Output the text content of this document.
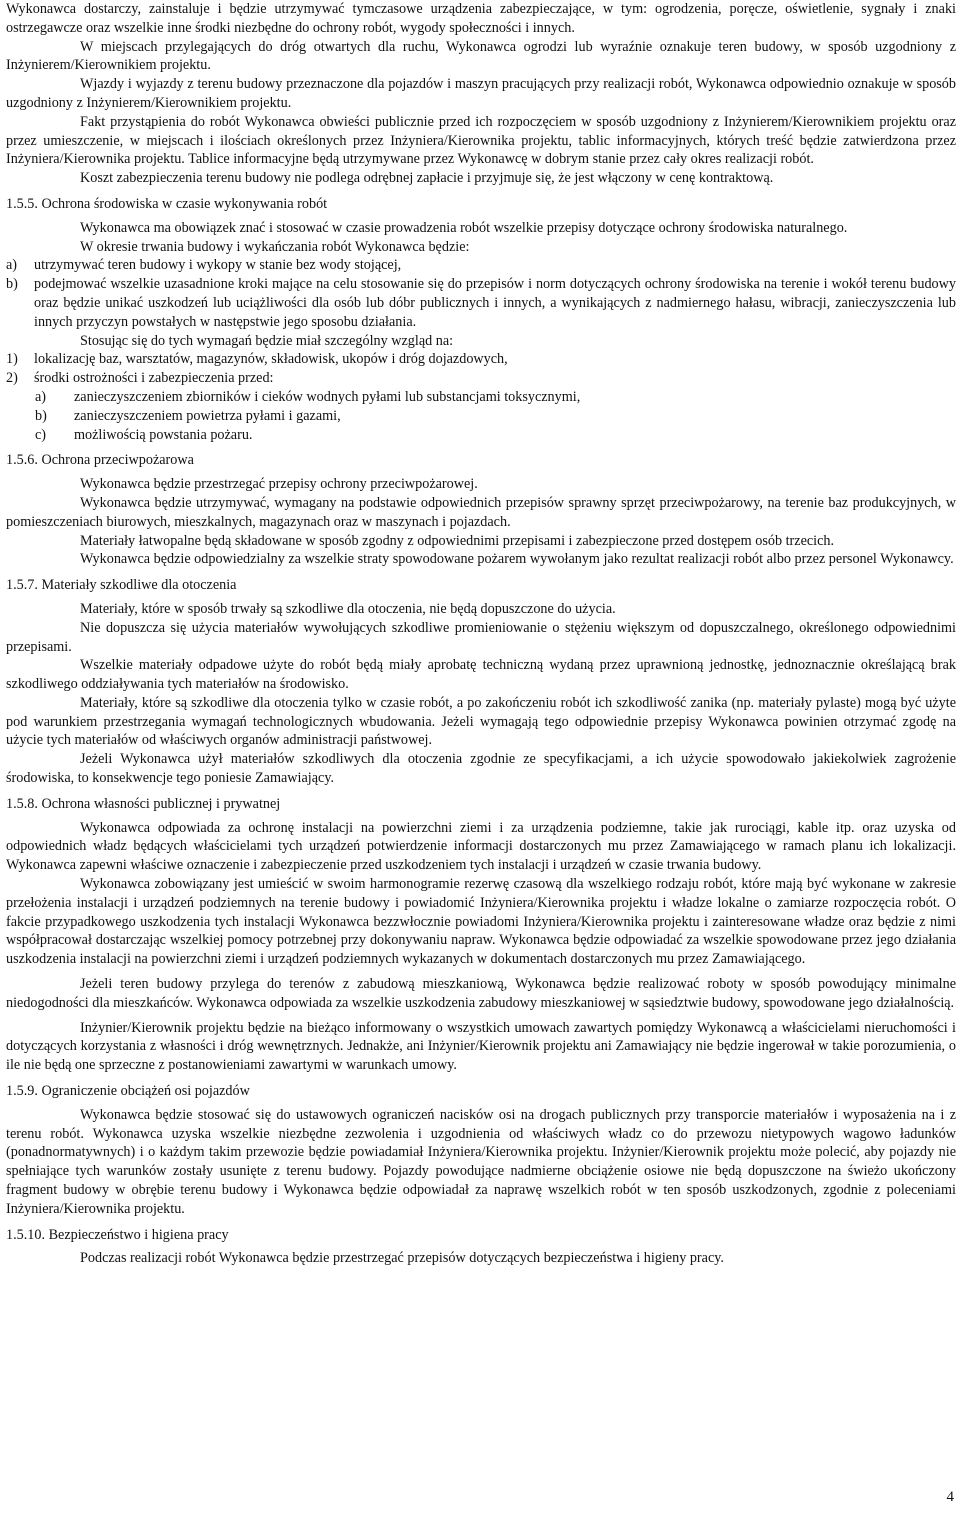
Wykonawca dostarczy, zainstaluje i będzie utrzymywać tymczasowe urządzenia zabezpieczające, w tym: ogrodzenia, poręcze, oświetlenie, sygnały i znaki ostrzegawcze oraz wszelkie inne środki niezbędne do ochrony robót, wygody społeczności i innych.

W miejscach przylegających do dróg otwartych dla ruchu, Wykonawca ogrodzi lub wyraźnie oznakuje teren budowy, w sposób uzgodniony z Inżynierem/Kierownikiem projektu.

Wjazdy i wyjazdy z terenu budowy przeznaczone dla pojazdów i maszyn pracujących przy realizacji robót, Wykonawca odpowiednio oznakuje w sposób uzgodniony z Inżynierem/Kierownikiem projektu.

Fakt przystąpienia do robót Wykonawca obwieści publicznie przed ich rozpoczęciem w sposób uzgodniony z Inżynierem/Kierownikiem projektu oraz przez umieszczenie, w miejscach i ilościach określonych przez Inżyniera/Kierownika projektu, tablic informacyjnych, których treść będzie zatwierdzona przez Inżyniera/Kierownika projektu. Tablice informacyjne będą utrzymywane przez Wykonawcę w dobrym stanie przez cały okres realizacji robót.

Koszt zabezpieczenia terenu budowy nie podlega odrębnej zapłacie i przyjmuje się, że jest włączony w cenę kontraktową.

1.5.5. Ochrona środowiska w czasie wykonywania robót

Wykonawca ma obowiązek znać i stosować w czasie prowadzenia robót wszelkie przepisy dotyczące ochrony środowiska naturalnego.

W okresie trwania budowy i wykańczania robót Wykonawca będzie:

a) utrzymywać teren budowy i wykopy w stanie bez wody stojącej,
b) podejmować wszelkie uzasadnione kroki mające na celu stosowanie się do przepisów i norm dotyczących ochrony środowiska na terenie i wokół terenu budowy oraz będzie unikać uszkodzeń lub uciążliwości dla osób lub dóbr publicznych i innych, a wynikających z nadmiernego hałasu, wibracji, zanieczyszczenia lub innych przyczyn powstałych w następstwie jego sposobu działania.

Stosując się do tych wymagań będzie miał szczególny wzgląd na:

1) lokalizację baz, warsztatów, magazynów, składowisk, ukopów i dróg dojazdowych,
2) środki ostrożności i zabezpieczenia przed:
a) zanieczyszczeniem zbiorników i cieków wodnych pyłami lub substancjami toksycznymi,
b) zanieczyszczeniem powietrza pyłami i gazami,
c) możliwością powstania pożaru.

1.5.6. Ochrona przeciwpożarowa

Wykonawca będzie przestrzegać przepisy ochrony przeciwpożarowej.

Wykonawca będzie utrzymywać, wymagany na podstawie odpowiednich przepisów sprawny sprzęt przeciwpożarowy, na terenie baz produkcyjnych, w pomieszczeniach biurowych, mieszkalnych, magazynach oraz w maszynach i pojazdach.

Materiały łatwopalne będą składowane w sposób zgodny z odpowiednimi przepisami i zabezpieczone przed dostępem osób trzecich.

Wykonawca będzie odpowiedzialny za wszelkie straty spowodowane pożarem wywołanym jako rezultat realizacji robót albo przez personel Wykonawcy.

1.5.7. Materiały szkodliwe dla otoczenia

Materiały, które w sposób trwały są szkodliwe dla otoczenia, nie będą dopuszczone do użycia.

Nie dopuszcza się użycia materiałów wywołujących szkodliwe promieniowanie o stężeniu większym od dopuszczalnego, określonego odpowiednimi przepisami.

Wszelkie materiały odpadowe użyte do robót będą miały aprobatę techniczną wydaną przez uprawnioną jednostkę, jednoznacznie określającą brak szkodliwego oddziaływania tych materiałów na środowisko.

Materiały, które są szkodliwe dla otoczenia tylko w czasie robót, a po zakończeniu robót ich szkodliwość zanika (np. materiały pylaste) mogą być użyte pod warunkiem przestrzegania wymagań technologicznych wbudowania. Jeżeli wymagają tego odpowiednie przepisy Wykonawca powinien otrzymać zgodę na użycie tych materiałów od właściwych organów administracji państwowej.

Jeżeli Wykonawca użył materiałów szkodliwych dla otoczenia zgodnie ze specyfikacjami, a ich użycie spowodowało jakiekolwiek zagrożenie środowiska, to konsekwencje tego poniesie Zamawiający.

1.5.8. Ochrona własności publicznej i prywatnej

Wykonawca odpowiada za ochronę instalacji na powierzchni ziemi i za urządzenia podziemne, takie jak rurociągi, kable itp. oraz uzyska od odpowiednich władz będących właścicielami tych urządzeń potwierdzenie informacji dostarczonych mu przez Zamawiającego w ramach planu ich lokalizacji. Wykonawca zapewni właściwe oznaczenie i zabezpieczenie przed uszkodzeniem tych instalacji i urządzeń w czasie trwania budowy.

Wykonawca zobowiązany jest umieścić w swoim harmonogramie rezerwę czasową dla wszelkiego rodzaju robót, które mają być wykonane w zakresie przełożenia instalacji i urządzeń podziemnych na terenie budowy i powiadomić Inżyniera/Kierownika projektu i władze lokalne o zamiarze rozpoczęcia robót. O fakcie przypadkowego uszkodzenia tych instalacji Wykonawca bezzwłocznie powiadomi Inżyniera/Kierownika projektu i zainteresowane władze oraz będzie z nimi współpracował dostarczając wszelkiej pomocy potrzebnej przy dokonywaniu napraw. Wykonawca będzie odpowiadać za wszelkie spowodowane przez jego działania uszkodzenia instalacji na powierzchni ziemi i urządzeń podziemnych wykazanych w dokumentach dostarczonych mu przez Zamawiającego.

Jeżeli teren budowy przylega do terenów z zabudową mieszkaniową, Wykonawca będzie realizować roboty w sposób powodujący minimalne niedogodności dla mieszkańców. Wykonawca odpowiada za wszelkie uszkodzenia zabudowy mieszkaniowej w sąsiedztwie budowy, spowodowane jego działalnością.

Inżynier/Kierownik projektu będzie na bieżąco informowany o wszystkich umowach zawartych pomiędzy Wykonawcą a właścicielami nieruchomości i dotyczących korzystania z własności i dróg wewnętrznych. Jednakże, ani Inżynier/Kierownik projektu ani Zamawiający nie będzie ingerował w takie porozumienia, o ile nie będą one sprzeczne z postanowieniami zawartymi w warunkach umowy.

1.5.9. Ograniczenie obciążeń osi pojazdów

Wykonawca będzie stosować się do ustawowych ograniczeń nacisków osi na drogach publicznych przy transporcie materiałów i wyposażenia na i z terenu robót. Wykonawca uzyska wszelkie niezbędne zezwolenia i uzgodnienia od właściwych władz co do przewozu nietypowych wagowo ładunków (ponadnormatywnych) i o każdym takim przewozie będzie powiadamiał Inżyniera/Kierownika projektu. Inżynier/Kierownik projektu może polecić, aby pojazdy nie spełniające tych warunków zostały usunięte z terenu budowy. Pojazdy powodujące nadmierne obciążenie osiowe nie będą dopuszczone na świeżo ukończony fragment budowy w obrębie terenu budowy i Wykonawca będzie odpowiadał za naprawę wszelkich robót w ten sposób uszkodzonych, zgodnie z poleceniami Inżyniera/Kierownika projektu.

1.5.10. Bezpieczeństwo i higiena pracy

Podczas realizacji robót Wykonawca będzie przestrzegać przepisów dotyczących bezpieczeństwa i higieny pracy.

4
